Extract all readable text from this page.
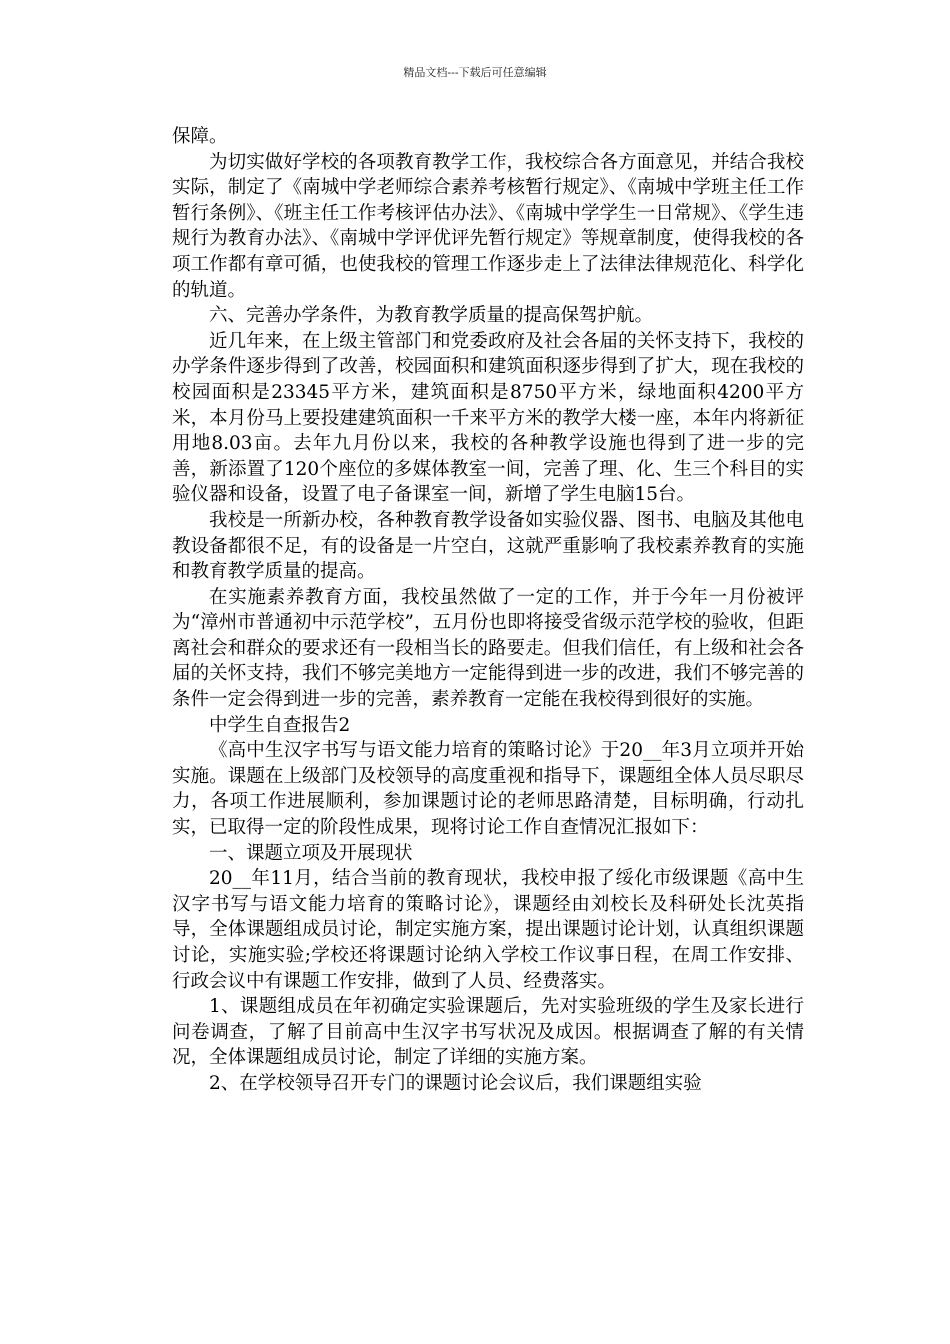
精品文档---下载后可任意编辑

保障。

为切实做好学校的各项教育教学工作，我校综合各方面意见，并结合我校实际，制定了《南城中学老师综合素养考核暂行规定》、《南城中学班主任工作暂行条例》、《班主任工作考核评估办法》、《南城中学学生一日常规》、《学生违规行为教育办法》、《南城中学评优评先暂行规定》等规章制度，使得我校的各项工作都有章可循，也使我校的管理工作逐步走上了法律法律规范化、科学化的轨道。

六、完善办学条件，为教育教学质量的提高保驾护航。

近几年来，在上级主管部门和党委政府及社会各届的关怀支持下，我校的办学条件逐步得到了改善，校园面积和建筑面积逐步得到了扩大，现在我校的校园面积是23345平方米，建筑面积是8750平方米，绿地面积4200平方米，本月份马上要投建建筑面积一千来平方米的教学大楼一座，本年内将新征用地8.03亩。去年九月份以来，我校的各种教学设施也得到了进一步的完善，新添置了120个座位的多媒体教室一间，完善了理、化、生三个科目的实验仪器和设备，设置了电子备课室一间，新增了学生电脑15台。

我校是一所新办校，各种教育教学设备如实验仪器、图书、电脑及其他电教设备都很不足，有的设备是一片空白，这就严重影响了我校素养教育的实施和教育教学质量的提高。

在实施素养教育方面，我校虽然做了一定的工作，并于今年一月份被评为“漳州市普通初中示范学校”，五月份也即将接受省级示范学校的验收，但距离社会和群众的要求还有一段相当长的路要走。但我们信任，有上级和社会各届的关怀支持，我们不够完美地方一定能得到进一步的改进，我们不够完善的条件一定会得到进一步的完善，素养教育一定能在我校得到很好的实施。

中学生自查报告2

《高中生汉字书写与语文能力培育的策略讨论》于20__年3月立项并开始实施。课题在上级部门及校领导的高度重视和指导下，课题组全体人员尽职尽力，各项工作进展顺利，参加课题讨论的老师思路清楚，目标明确，行动扎实，已取得一定的阶段性成果，现将讨论工作自查情况汇报如下：

一、课题立项及开展现状

20__年11月，结合当前的教育现状，我校申报了绥化市级课题《高中生汉字书写与语文能力培育的策略讨论》，课题经由刘校长及科研处长沈英指导，全体课题组成员讨论，制定实施方案，提出课题讨论计划，认真组织课题讨论，实施实验;学校还将课题讨论纳入学校工作议事日程，在周工作安排、行政会议中有课题工作安排，做到了人员、经费落实。

1、课题组成员在年初确定实验课题后，先对实验班级的学生及家长进行问卷调查，了解了目前高中生汉字书写状况及成因。根据调查了解的有关情况，全体课题组成员讨论，制定了详细的实施方案。

2、在学校领导召开专门的课题讨论会议后，我们课题组实验
